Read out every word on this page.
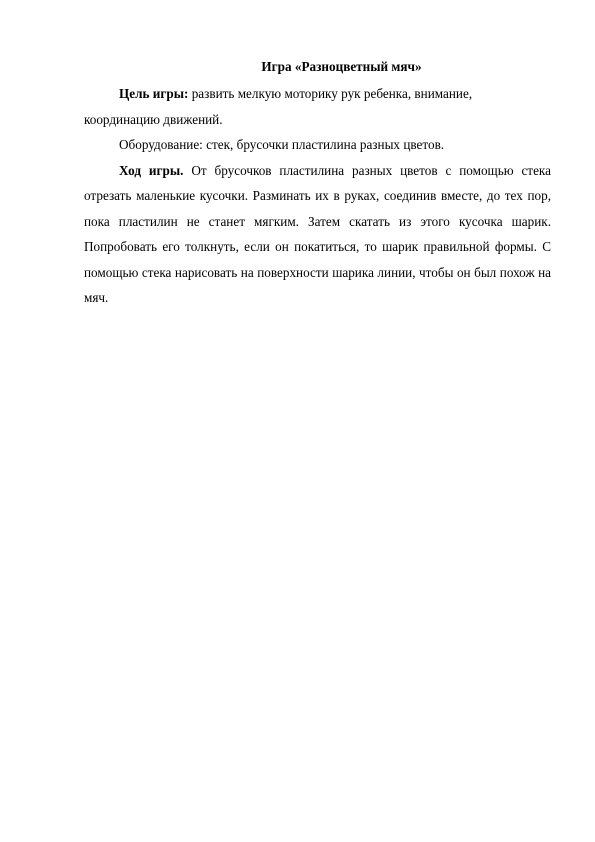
Игра «Разноцветный мяч»

Цель игры: развить мелкую моторику рук ребенка, внимание, координацию движений.

Оборудование: стек, брусочки пластилина разных цветов.

Ход игры. От брусочков пластилина разных цветов с помощью стека отрезать маленькие кусочки. Разминать их в руках, соединив вместе, до тех пор, пока пластилин не станет мягким. Затем скатать из этого кусочка шарик. Попробовать его толкнуть, если он покатиться, то шарик правильной формы. С помощью стека нарисовать на поверхности шарика линии, чтобы он был похож на мяч.
